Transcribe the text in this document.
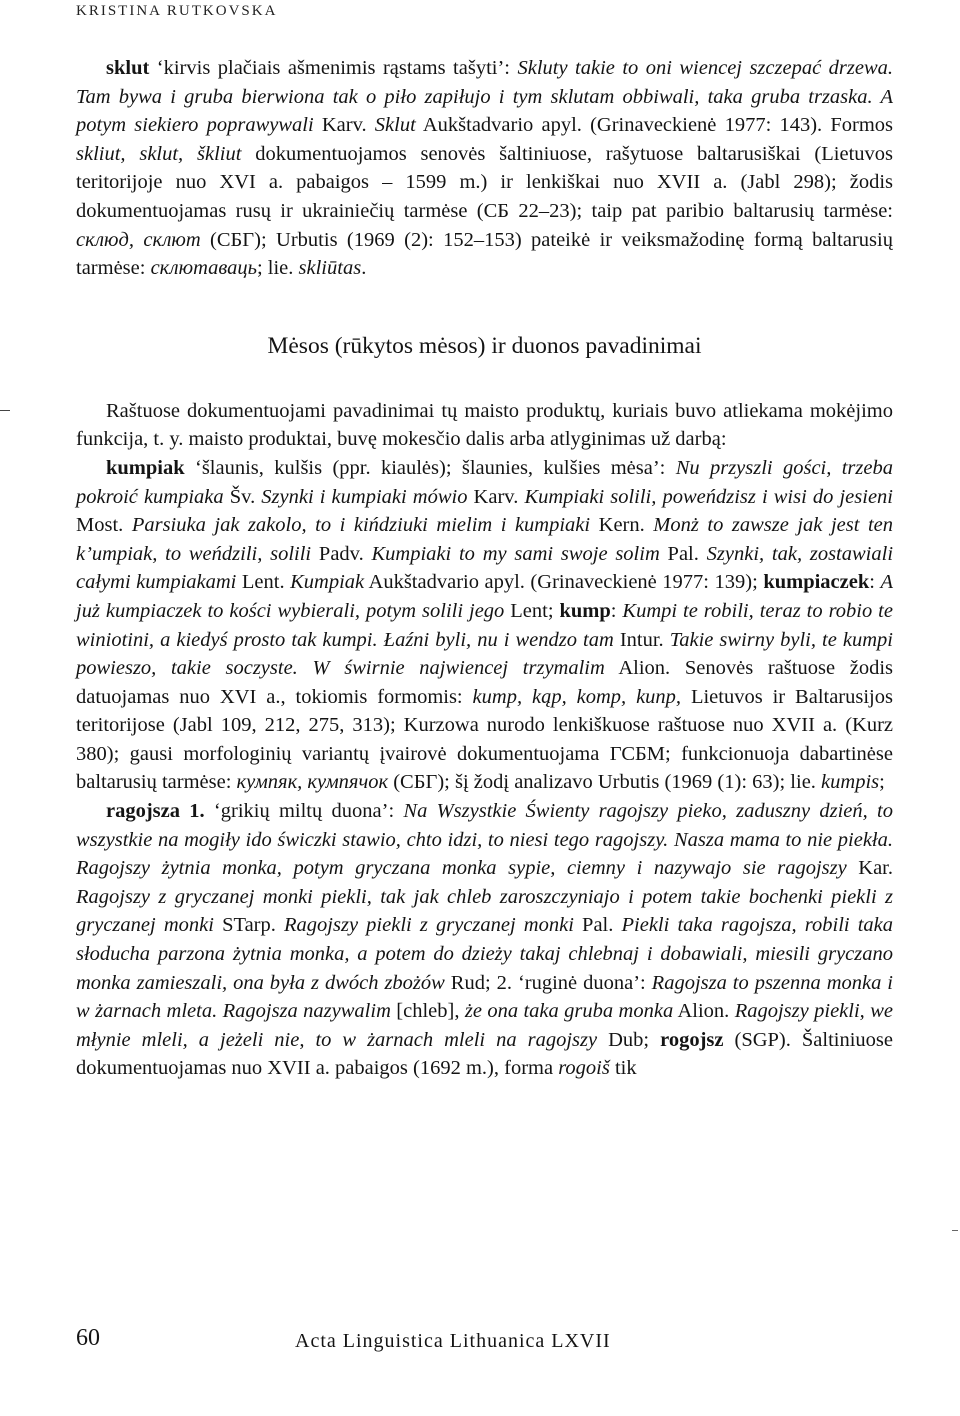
KRISTINA RUTKOVSKA

sklut ‘kirvis plačiais ašmenimis rąstams tašyti’: Skluty takie to oni wiencej szczepać drzewa. Tam bywa i gruba bierwiona tak o piło zapiłujo i tym sklutam obbiwali, taka gruba trzaska. A potym siekiero poprawywali Karv. Sklut Aukštadvario apyl. (Grinaveckienė 1977: 143). Formos skliut, sklut, škliut dokumentuojamos senovės šaltiniuose, rašytuose baltarusiškai (Lietuvos teritorijoje nuo XVI a. pabaigos – 1599 m.) ir lenkiškai nuo XVII a. (Jabl 298); žodis dokumentuojamas rusų ir ukrainiečių tarmėse (СБ 22–23); taip pat paribio baltarusių tarmėse: склюд, склют (СБГ); Urbutis (1969 (2): 152–153) pateikė ir veiksmažodinę formą baltarusių tarmėse: склютаваць; lie. skliūtas.

Mėsos (rūkytos mėsos) ir duonos pavadinimai

Raštuose dokumentuojami pavadinimai tų maisto produktų, kuriais buvo atliekama mokėjimo funkcija, t. y. maisto produktai, buvę mokesčio dalis arba atlyginimas už darbą:

kumpiak ‘šlaunis, kulšis (ppr. kiaulės); šlaunies, kulšies mėsa’: Nu przyszli gości, trzeba pokroić kumpiaka Šv. Szynki i kumpiaki mówio Karv. Kumpiaki solili, poweńdzisz i wisi do jesieni Most. Parsiuka jak zakolo, to i kińdziuki mielim i kumpiaki Kern. Monż to zawsze jak jest ten k’umpiak, to weńdzili, solili Padv. Kumpiaki to my sami swoje solim Pal. Szynki, tak, zostawiali całymi kumpiakami Lent. Kumpiak Aukštadvario apyl. (Grinaveckienė 1977: 139); kumpiaczek: A już kumpiaczek to kości wybierali, potym solili jego Lent; kump: Kumpi te robili, teraz to robio te winiotini, a kiedyś prosto tak kumpi. Łaźni byli, nu i wendzo tam Intur. Takie swirny byli, te kumpi powieszo, takie soczyste. W świrnie najwiencej trzymalim Alion. Senovės raštuose žodis datuojamas nuo XVI a., tokiomis formomis: kump, kąp, komp, kunp, Lietuvos ir Baltarusijos teritorijose (Jabl 109, 212, 275, 313); Kurzowa nurodo lenkiškuose raštuose nuo XVII a. (Kurz 380); gausi morfologinių variantų įvairovė dokumentuojama ГСБМ; funkcionuoja dabartinėse baltarusių tarmėse: кумпяк, кумпячок (СБГ); šį žodį analizavo Urbutis (1969 (1): 63); lie. kumpis;

ragojsza 1. ‘grikių miltų duona’: Na Wszystkie Świenty ragojszy pieko, zaduszny dzień, to wszystkie na mogiły ido świczki stawio, chto idzi, to niesi tego ragojszy. Nasza mama to nie piekła. Ragojszy żytnia monka, potym gryczana monka sypie, ciemny i nazywajo sie ragojszy Kar. Ragojszy z gryczanej monki piekli, tak jak chleb zaroszczyniajo i potem takie bochenki piekli z gryczanej monki STarp. Ragojszy piekli z gryczanej monki Pal. Piekli taka ragojsza, robili taka słoducha parzona żytnia monka, a potem do dzieży takaj chlebnaj i dobawiali, miesili gryczano monka zamieszali, ona była z dwóch zbożów Rud; 2. ‘ruginė duona’: Ragojsza to pszenna monka i w żarnach mleta. Ragojsza nazywalim [chleb], że ona taka gruba monka Alion. Ragojszy piekli, we młynie mleli, a jeżeli nie, to w żarnach mleli na ragojszy Dub; rogojsz (SGP). Šaltiniuose dokumentuojamas nuo XVII a. pabaigos (1692 m.), forma rogoiš tik

60	Acta Linguistica Lithuanica LXVII
